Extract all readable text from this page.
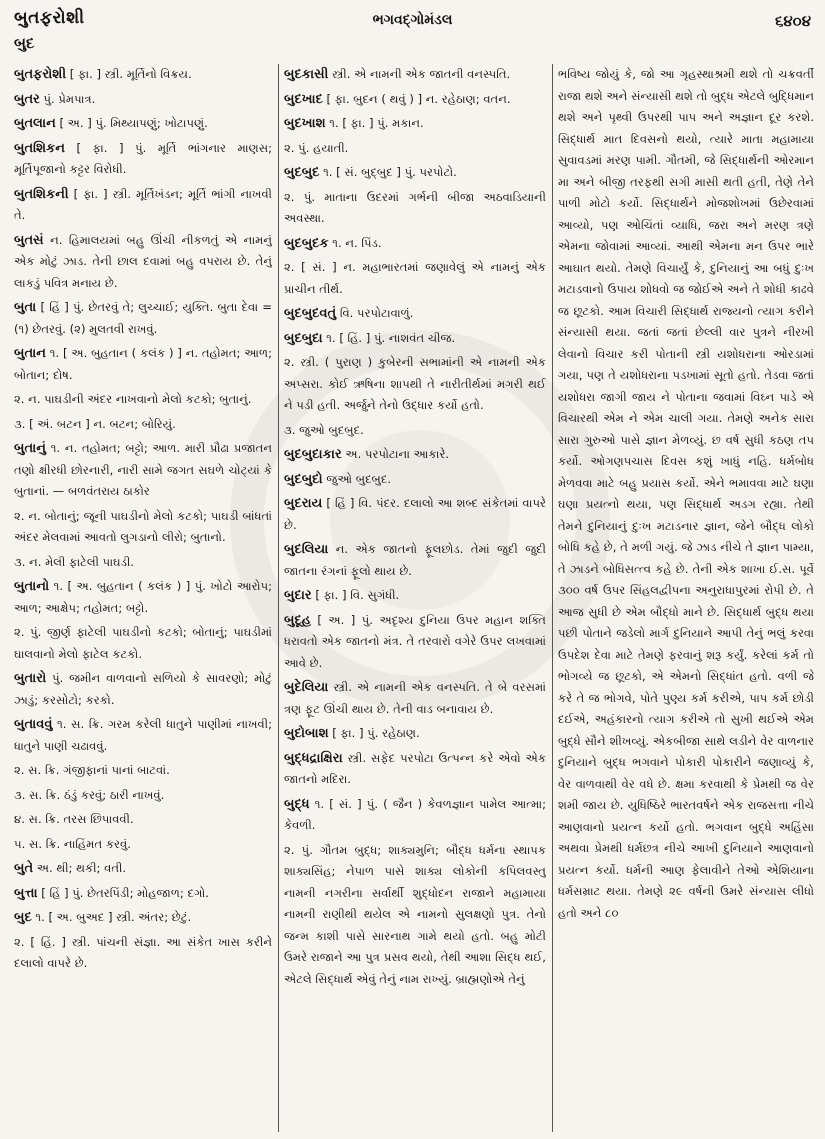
બુતફરોશી
બુદ
ભગવદ્ગોમંડલ	૬૪૦૪
બુતફરોશી [ ફા. ] સ્ત્રી. મૂર્તિનો વિક્રય.
બુતર પું. પ્રેમપાત્ર.
બુતલાન [ અ. ] પું. મિથ્યાપણું; ખોટાપણું.
બુતશિકન [ ફા. ] પું. મૂર્તિ ભાંગનાર માણસ; મૂર્તિપૂજાનો કટ્ટર વિરોધી.
બુતશિકની [ ફા. ] સ્ત્રી. મૂર્તિખંડન; મૂર્તિ ભાંગી નાખવી તે.
બુતસં ન. હિમાલયમાં બહુ ઊંચી નીકળતું એ નામનું એક મોટું ઝાડ. તેની છાલ દવામાં બહુ વપરાય છે. તેનું લાકડું પવિત્ર મનાય છે.
બુતા [ હિં ] પું. છેતરવું તે; લુચ્ચાઈ; યુક્તિ. બુતા દેવા = (૧) છેતરવું. (૨) મુલતવી રાખવું.
બુતાન ૧. [ અ. બુહતાન ( કલંક ) ] ન. તહોમત; આળ; બોતાન; દોષ.
૨. ન. પાઘડીની અંદર નાખવાનો મેલો કટકો; બુતાનું.
૩. [ અં. બટન ] ન. બટન; બોરિયું.
બુતાનું ૧. ન. તહોમત; બટ્ટો; આળ. મારી પ્રૌઢા પ્રજાતન તણો ક્ષીરધી છોરનારી, નારી સામે જગત સઘળે ચોટ્યાં કે બુતાનાં. — બળવંતરાય ઠાકોર
૨. ન. બોતાનું; જૂની પાઘડીનો મેલો કટકો; પાઘડી બાંધતાં અંદર મેલવામાં આવતો લુગડાનો લીરો; બુતાનો.
૩. ન. મેલી ફાટેલી પાઘડી.
બુતાનો ૧. [ અ. બુહતાન ( કલંક ) ] પું. ખોટો આરોપ; આળ; આક્ષેપ; તહોમત; બટ્ટો.
૨. પું. જીર્ણ ફાટેલી પાઘડીનો કટકો; બોતાનું; પાઘડીમાં ઘાલવાનો મેલો ફાટેલ કટકો.
બુતારો પું. જમીન વાળવાનો સળિયો કે સાવરણો; મોટું ઝાડું; કરસોટો; કરકો.
બુતાવવું ૧. સ. ક્રિ. ગરમ કરેલી ધાતુને પાણીમાં નાખવી; ધાતુને પાણી ચઢાવવું.
૨. સ. ક્રિ. ગંજીફાનાં પાનાં બાટવાં.
૩. સ. ક્રિ. ઠંડું કરવું; ઠારી નાખવું.
૪. સ. ક્રિ. તરસ છિપાવવી.
૫. સ. ક્રિ. નાહિંમત કરવું.
બુતે અ. થી; થકી; વતી.
બુત્તા [ હિં ] પું. છેતરપિંડી; મોહજાળ; દગો.
બુદ ૧. [ અ. બુઅદ ] સ્ત્રી. અંતર; છેટું.
૨. [ હિં. ] સ્ત્રી. પાંચની સંજ્ઞા. આ સંકેત ખાસ કરીને દલાલો વાપરે છે.
બુદકાસી સ્ત્રી. એ નામની એક જાતની વનસ્પતિ.
બુદખાદ [ ફા. બુદન ( થવું ) ] ન. રહેઠાણ; વતન.
બુદખાશ ૧. [ ફા. ] પું. મકાન.
૨. પું. હયાતી.
બુદબુદ ૧. [ સં. બુદ્બુદ ] પું. પરપોટો.
૨. પું. માતાના ઉદરમાં ગર્ભની બીજા અઠવાડિયાની અવસ્થા.
બુદબુદક ૧. ન. પિંડ.
૨. [ સં. ] ન. મહાભારતમાં જણાવેલું એ નામનું એક પ્રાચીન તીર્થ.
બુદબુદવતું વિ. પરપોટાવાળું.
બુદબુદા ૧. [ હિં. ] પું. નાશવંત ચીજ.
૨. સ્ત્રી. ( પુરાણ ) કુબેરની સભામાંની એ નામની એક અપ્સરા. કોઈ ઋષિના શાપથી તે નારીતીર્થમાં મગરી થઈ ને પડી હતી. અર્જુને તેનો ઉદ્ધાર કર્યો હતો.
૩. જુઓ બુદબુદ.
બુદબુદાકાર અ. પરપોટાના આકારે.
બુદબુદો જુઓ બુદબુદ.
બુદરાય [ હિં ] વિ. પંદર. દલાલો આ શબ્દ સંકેતમાં વાપરે છે.
બુદલિયા ન. એક જાતનો ફૂલછોડ. તેમાં જુદી જુદી જાતના રંગનાં ફૂલો થાય છે.
બુદાર [ ફા. ] વિ. સુગંધી.
બુદૂહ [ અ. ] પું. અદૃશ્ય દુનિયા ઉપર મહાન શક્તિ ધરાવતો એક જાતનો મંત્ર. તે તરવારો વગેરે ઉપર લખવામાં આવે છે.
બુદેલિયા સ્ત્રી. એ નામની એક વનસ્પતિ. તે બે વરસમાં ત્રણ ફૂટ ઊંચી થાય છે. તેની વાડ બનાવાય છે.
બુદોબાશ [ ફા. ] પું. રહેઠાણ.
બુદ્ધદ્રાક્ષિરા સ્ત્રી. સફેદ પરપોટા ઉત્પન્ન કરે એવો એક જાતનો મદિરા.
બુદ્ધ ૧. [ સં. ] પું. ( જૈન ) કેવળજ્ઞાન પામેલ આત્મા; કેવળી.
૨. પું. ગૌતમ બુદ્ધ; શાક્યમુનિ; બૌદ્ધ ધર્મના સ્થાપક શાક્યસિંહ; નેપાળ પાસે શાક્ય લોકોની કપિલવસ્તુ નામની નગરીના સર્વાર્થી શુદ્ધોદન રાજાને મહામાયા નામની રાણીથી થયેલ એ નામનો સુલક્ષણો પુત્ર. તેનો જન્મ કાશી પાસે સારનાથ ગામે થયો હતો. બહુ મોટી ઉમરે રાજાને આ પુત્ર પ્રસવ થયો, તેથી આશા સિદ્ધ થઈ, એટલે સિદ્ધાર્થ એવું તેનું નામ રાખ્યું. બ્રાહ્મણોએ તેનું

ભવિષ્ય જોયું કે, જો આ ગૃહસ્થાશ્રમી થશે તો ચક્રવર્તી રાજા થશે અને સંન્યાસી થશે તો બુદ્ધ એટલે બુદ્ધિમાન થશે અને પૃથ્વી ઉપરથી પાપ અને અજ્ઞાન દૂર કરશે. સિદ્ધાર્થ માત દિવસનો થયો, ત્યારે માતા મહામાયા સુવાવડમાં મરણ પામી. ગૌતમી, જે સિદ્ધાર્થની ઓરમાન મા અને બીજી તરફથી સગી માસી થતી હતી, તેણે તેને પાળી મોટો કર્યો. સિદ્ધાર્થને મોજશોખમાં ઉછેરવામાં આવ્યો, પણ ઓચિંતાં વ્યાધિ, જરા અને મરણ ત્રણે એમના જોવામાં આવ્યાં. આથી એમના મન ઉપર ભારે આઘાત થયો. તેમણે વિચાર્યું કે, દુનિયાનું આ બધું દુઃખ મટાડવાનો ઉપાય શોધવો જ જોઈએ અને તે શોધી કાઢવે જ છૂટકો. આમ વિચારી સિદ્ધાર્થ રાજ્યનો ત્યાગ કરીને સંન્યાસી થયા. જતાં જતાં છેલ્લી વાર પુત્રને નીરખી લેવાનો વિચાર કરી પોતાની સ્ત્રી યશોધરાના ઓરડામાં ગયા, પણ તે યશોધરાના પડખામાં સૂતો હતો. તેડવા જતાં યશોધરા જાગી જાય ને પોતાના જવામાં વિઘ્ન પાડે એ વિચારથી એમ ને એમ ચાલી ગયા. તેમણે અનેક સારા સારા ગુરુઓ પાસે જ્ઞાન મેળવ્યું. છ વર્ષ સુધી કઠણ તપ કર્યો. ઓગણપચાસ દિવસ કશું ખાધું નહિ. ધર્મબોધ મેળવવા માટે બહુ પ્રયાસ કર્યો. એને ભમાવવા માટે ઘણા ઘણા પ્રયત્નો થયા, પણ સિદ્ધાર્થ અડગ રહ્યા. તેથી તેમને દુનિયાનું દુઃખ મટાડનાર જ્ઞાન, જેને બૌદ્ધ લોકો બોધિ કહે છે, તે મળી ગયું. જે ઝાડ નીચે તે જ્ઞાન પામ્યા, તે ઝાડને બોધિસત્ત્વ કહે છે. તેની એક શાખા ઈ.સ. પૂર્વે ૩૦૦ વર્ષ ઉપર સિંહલદ્વીપના અનુરાધાપુરમાં રોપી છે. તે આજ સુધી છે એમ બૌદ્ધો માને છે. સિદ્ધાર્થ બુદ્ધ થયા પછી પોતાને જડેલો માર્ગ દુનિયાને આપી તેનું ભલું કરવા ઉપદેશ દેવા માટે તેમણે ફરવાનું શરૂ કર્યું. કરેલાં કર્મ તો ભોગવ્યે જ છૂટકો, એ એમનો સિદ્ધાંત હતો. વળી જે કરે તે જ ભોગવે, પોતે પુણ્ય કર્મ કરીએ, પાપ કર્મ છોડી દઈએ, અહંકારનો ત્યાગ કરીએ તો સુખી થઈએ એમ બુદ્ધે સૌને શીખવ્યું. એકબીજા સાથે લડીને વેર વાળનાર દુનિયાને બુદ્ધ ભગવાને પોકારી પોકારીને જણાવ્યું કે, વેર વાળવાથી વેર વધે છે. ક્ષમા કરવાથી કે પ્રેમથી જ વેર શમી જાય છે. યુધિષ્ઠિરે ભારતવર્ષને એક રાજસત્તા નીચે આણવાનો પ્રયત્ન કર્યો હતો. ભગવાન બુદ્ધે અહિંસા અથવા પ્રેમથી ધર્મછત્ર નીચે આખી દુનિયાને આણવાનો પ્રયત્ન કર્યો. ધર્મની આણ ફેલાવીને તેઓ એશિયાના ધર્મસમ્રાટ થયા. તેમણે ૨૯ વર્ષની ઉમરે સંન્યાસ લીધો હતો અને ૮૦
